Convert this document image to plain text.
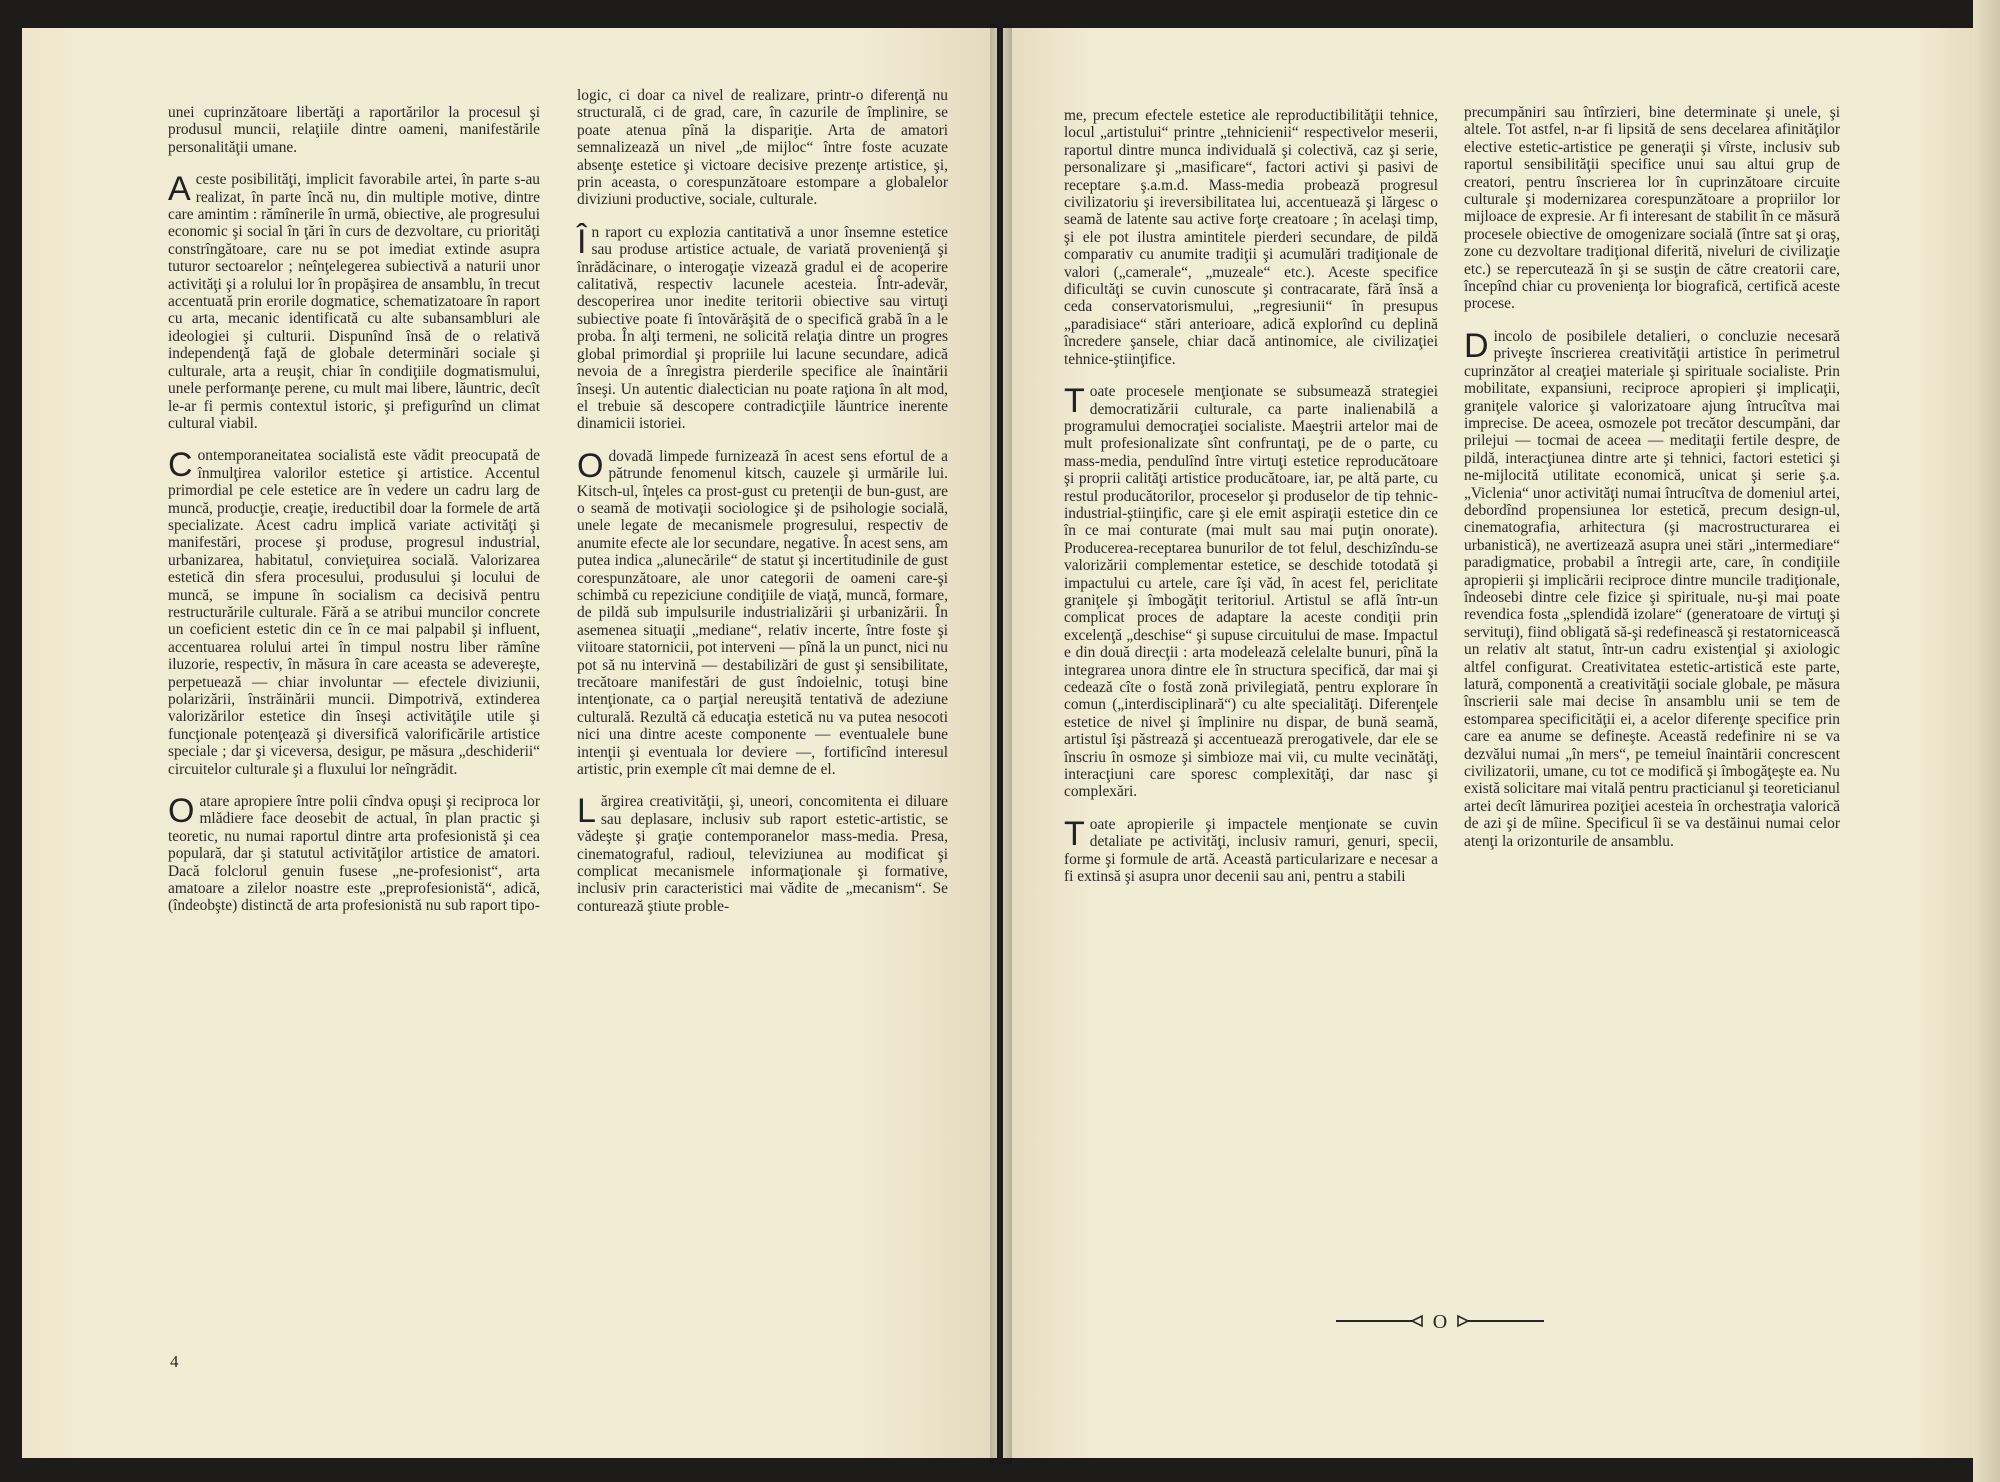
unei cuprinzătoare libertăţi a raportărilor la procesul şi produsul muncii, relaţiile dintre oameni, manifestările personalităţii umane.

Aceste posibilităţi, implicit favorabile artei, în parte s-au realizat, în parte încă nu, din multiple motive, dintre care amintim : rămînerile în urmă, obiective, ale progresului economic şi social în ţări în curs de dezvoltare, cu priorităţi constrîngătoare, care nu se pot imediat extinde asupra tuturor sectoarelor ; neînţelegerea subiectivă a naturii unor activităţi şi a rolului lor în propăşirea de ansamblu, în trecut accentuată prin erorile dogmatice, schematizatoare în raport cu arta, mecanic identificată cu alte subansambluri ale ideologiei şi culturii. Dispunînd însă de o relativă independenţă faţă de globale determinări sociale şi culturale, arta a reuşit, chiar în condiţiile dogmatismului, unele performanţe perene, cu mult mai libere, lăuntric, decît le-ar fi permis contextul istoric, şi prefigurînd un climat cultural viabil.

Contemporaneitatea socialistă este vădit preocupată de înmulţirea valorilor estetice şi artistice. Accentul primordial pe cele estetice are în vedere un cadru larg de muncă, producţie, creaţie, ireductibil doar la formele de artă specializate. Acest cadru implică variate activităţi şi manifestări, procese şi produse, progresul industrial, urbanizarea, habitatul, convieţuirea socială. Valorizarea estetică din sfera procesului, produsului şi locului de muncă, se impune în socialism ca decisivă pentru restructurările culturale. Fără a se atribui muncilor concrete un coeficient estetic din ce în ce mai palpabil şi influent, accentuarea rolului artei în timpul nostru liber rămîne iluzorie, respectiv, în măsura în care aceasta se adevereşte, perpetuează — chiar involuntar — efectele diviziunii, polarizării, înstrăinării muncii. Dimpotrivă, extinderea valorizărilor estetice din înseşi activităţile utile şi funcţionale potenţează şi diversifică valorificările artistice speciale ; dar şi viceversa, desigur, pe măsura „deschiderii“ circuitelor culturale şi a fluxului lor neîngrădit.

Oatare apropiere între polii cîndva opuşi şi reciproca lor mlădiere face deosebit de actual, în plan practic şi teoretic, nu numai raportul dintre arta profesionistă şi cea populară, dar şi statutul activităţilor artistice de amatori. Dacă folclorul genuin fusese „ne-profesionist“, arta amatoare a zilelor noastre este „preprofesionistă“, adică, (îndeobşte) distinctă de arta profesionistă nu sub raport tipo-

logic, ci doar ca nivel de realizare, printr-o diferenţă nu structurală, ci de grad, care, în cazurile de împlinire, se poate atenua pînă la dispariţie. Arta de amatori semnalizează un nivel „de mijloc“ între foste acuzate absenţe estetice şi victoare decisive prezenţe artistice, şi, prin aceasta, o corespunzătoare estompare a globalelor diviziuni productive, sociale, culturale.

În raport cu explozia cantitativă a unor însemne estetice sau produse artistice actuale, de variată provenienţă şi înrădăcinare, o interogaţie vizează gradul ei de acoperire calitativă, respectiv lacunele acesteia. Într-adevăr, descoperirea unor inedite teritorii obiective sau virtuţi subiective poate fi întovărăşită de o specifică grabă în a le proba. În alţi termeni, ne solicită relaţia dintre un progres global primordial şi propriile lui lacune secundare, adică nevoia de a înregistra pierderile specifice ale înaintării înseşi. Un autentic dialectician nu poate raţiona în alt mod, el trebuie să descopere contradicţiile lăuntrice inerente dinamicii istoriei.

Odovadă limpede furnizează în acest sens efortul de a pătrunde fenomenul kitsch, cauzele şi urmările lui. Kitsch-ul, înţeles ca prost-gust cu pretenţii de bun-gust, are o seamă de motivaţii sociologice şi de psihologie socială, unele legate de mecanismele progresului, respectiv de anumite efecte ale lor secundare, negative. În acest sens, am putea indica „alunecările“ de statut şi incertitudinile de gust corespunzătoare, ale unor categorii de oameni care-şi schimbă cu repeziciune condiţiile de viaţă, muncă, formare, de pildă sub impulsurile industrializării şi urbanizării. În asemenea situaţii „mediane“, relativ incerte, între foste şi viitoare statornicii, pot interveni — pînă la un punct, nici nu pot să nu intervină — destabilizări de gust şi sensibilitate, trecătoare manifestări de gust îndoielnic, totuşi bine intenţionate, ca o parţial nereuşită tentativă de adeziune culturală. Rezultă că educaţia estetică nu va putea nesocoti nici una dintre aceste componente — eventualele bune intenţii şi eventuala lor deviere —, fortificînd interesul artistic, prin exemple cît mai demne de el.

Lărgirea creativităţii, şi, uneori, concomitenta ei diluare sau deplasare, inclusiv sub raport estetic-artistic, se vădeşte şi graţie contemporanelor mass-media. Presa, cinematograful, radioul, televiziunea au modificat şi complicat mecanismele informaţionale şi formative, inclusiv prin caracteristici mai vădite de „mecanism“. Se conturează ştiute proble-

me, precum efectele estetice ale reproductibilităţii tehnice, locul „artistului“ printre „tehnicienii“ respectivelor meserii, raportul dintre munca individuală şi colectivă, caz şi serie, personalizare şi „masificare“, factori activi şi pasivi de receptare ş.a.m.d. Mass-media probează progresul civilizatoriu şi ireversibilitatea lui, accentuează şi lărgesc o seamă de latente sau active forţe creatoare ; în acelaşi timp, şi ele pot ilustra amintitele pierderi secundare, de pildă comparativ cu anumite tradiţii şi acumulări tradiţionale de valori („camerale“, „muzeale“ etc.). Aceste specifice dificultăţi se cuvin cunoscute şi contracarate, fără însă a ceda conservatorismului, „regresiunii“ în presupus „paradisiace“ stări anterioare, adică explorînd cu deplină încredere şansele, chiar dacă antinomice, ale civilizaţiei tehnice-ştiinţifice.

Toate procesele menţionate se subsumează strategiei democratizării culturale, ca parte inalienabilă a programului democraţiei socialiste. Maeştrii artelor mai de mult profesionalizate sînt confruntaţi, pe de o parte, cu mass-media, pendulînd între virtuţi estetice reproducătoare şi proprii calităţi artistice producătoare, iar, pe altă parte, cu restul producătorilor, proceselor şi produselor de tip tehnic-industrial-ştiinţific, care şi ele emit aspiraţii estetice din ce în ce mai conturate (mai mult sau mai puţin onorate). Producerea-receptarea bunurilor de tot felul, deschizîndu-se valorizării complementar estetice, se deschide totodată şi impactului cu artele, care îşi văd, în acest fel, periclitate graniţele şi îmbogăţit teritoriul. Artistul se află într-un complicat proces de adaptare la aceste condiţii prin excelenţă „deschise“ şi supuse circuitului de mase. Impactul e din două direcţii : arta modelează celelalte bunuri, pînă la integrarea unora dintre ele în structura specifică, dar mai şi cedează cîte o fostă zonă privilegiată, pentru explorare în comun („interdisciplinară“) cu alte specialităţi. Diferenţele estetice de nivel şi împlinire nu dispar, de bună seamă, artistul îşi păstrează şi accentuează prerogativele, dar ele se înscriu în osmoze şi simbioze mai vii, cu multe vecinătăţi, interacţiuni care sporesc complexităţi, dar nasc şi complexări.

Toate apropierile şi impactele menţionate se cuvin detaliate pe activităţi, inclusiv ramuri, genuri, specii, forme şi formule de artă. Această particularizare e necesar a fi extinsă şi asupra unor decenii sau ani, pentru a stabili

precumpăniri sau întîrzieri, bine determinate şi unele, şi altele. Tot astfel, n-ar fi lipsită de sens decelarea afinităţilor electivе estetic-artistice pe generaţii şi vîrste, inclusiv sub raportul sensibilităţii specifice unui sau altui grup de creatori, pentru înscrierea lor în cuprinzătoare circuite culturale şi modernizarea corespunzătoare a propriilor lor mijloace de expresie. Ar fi interesant de stabilit în ce măsură procesele obiective de omogenizare socială (între sat şi oraş, zone cu dezvoltare tradiţional diferită, niveluri de civilizaţie etc.) se repercutează în şi se susţin de către creatorii care, începînd chiar cu provenienţa lor biografică, certifică aceste procese.

Dincolo de posibilele detalieri, o concluzie necesară priveşte înscrierea creativităţii artistice în perimetrul cuprinzător al creaţiei materiale şi spirituale socialiste. Prin mobilitate, expansiuni, reciproce apropieri şi implicaţii, graniţele valorice şi valorizatoare ajung întrucîtva mai imprecise. De aceea, osmozele pot trecător descumpăni, dar prilejui — tocmai de aceea — meditaţii fertile despre, de pildă, interacţiunea dintre arte şi tehnici, factori estetici şi ne-mijlocită utilitate economică, unicat şi serie ş.a. „Vicleniа“ unor activităţi numai întrucîtva de domeniul artei, debordînd propensiunea lor estetică, precum design-ul, cinematografia, arhitectura (şi macrostructurarea ei urbanistică), ne avertizează asupra unei stări „intermediare“ paradigmatice, probabil a întregii arte, care, în condiţiile apropierii şi implicării reciproce dintre muncile tradiţionale, îndeosebi dintre cele fizice şi spirituale, nu-şi mai poate revendica fosta „splendidă izolare“ (generatoare de virtuţi şi servituţi), fiind obligată să-şi redefinească şi restatornicească un relativ alt statut, într-un cadru existenţial şi axiologic altfel configurat. Creativitatea estetic-artistică este parte, latură, componentă a creativităţii sociale globale, pe măsura înscrierii sale mai decise în ansamblu unii se tem de estomparea specificităţii ei, a acelor diferenţe specifice prin care ea anume se defineşte. Această redefinire ni se va dezvălui numai „în mers“, pe temeiul înaintării concrescent civilizatorii, umane, cu tot ce modifică şi îmbogăţeşte ea. Nu există solicitare mai vitală pentru practicianul şi teoreticianul artei decît lămurirea poziţiei acesteia în orchestraţia valorică de azi şi de mîine. Specificul îi se va destăinui numai celor atenţi la orizonturile de ansamblu.

4
O
